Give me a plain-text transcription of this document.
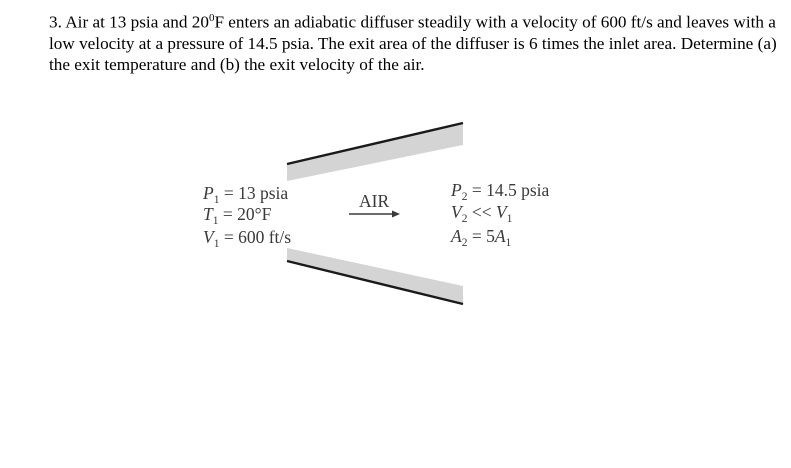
3. Air at 13 psia and $20^0F$ enters an adiabatic diffuser steadily with a velocity of 600 ft/s and leaves with a low velocity at a pressure of 14.5 psia. The exit area of the diffuser is 6 times the inlet area. Determine (a) the exit temperature and (b) the exit velocity of the air.

$P_1 = 13$ psia
$T_1 = 20^\circ F$
$V_1 = 600$ ft/s
AIR
$P_2 = 14.5$ psia
$V_2 << V_1$
$A_2 = 5A_1$
